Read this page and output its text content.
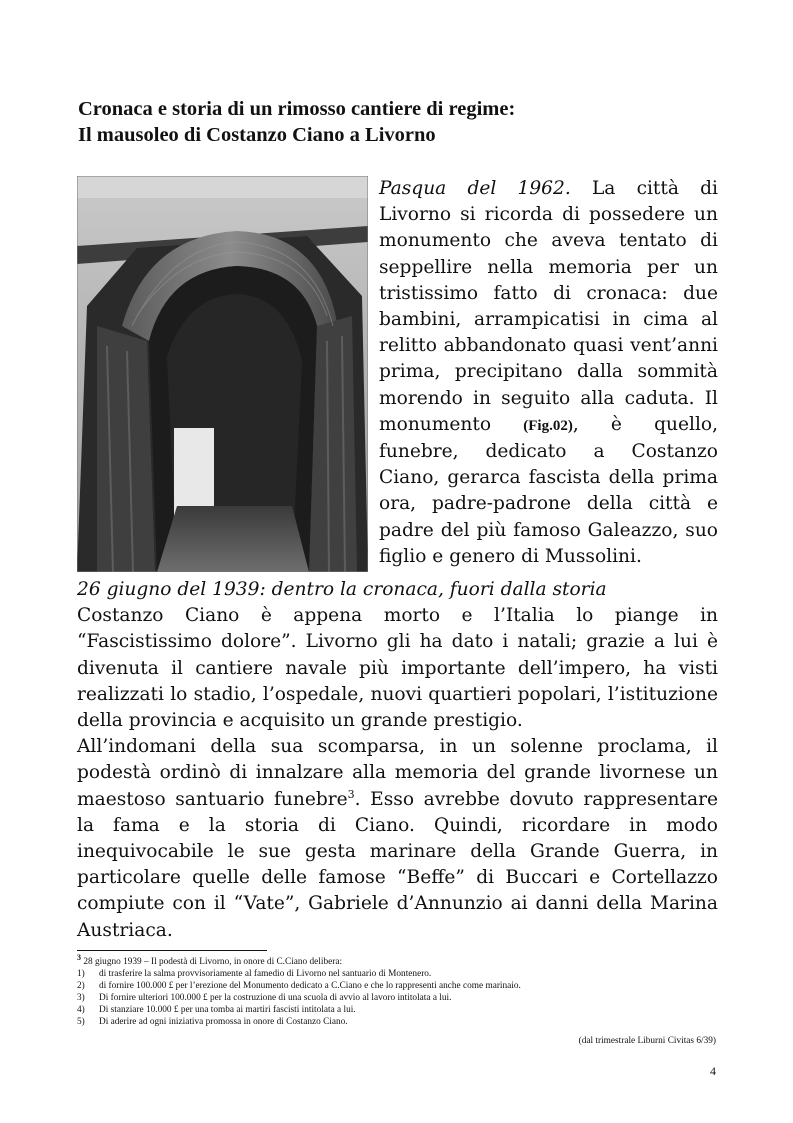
Cronaca e storia di un rimosso cantiere di regime:
Il mausoleo di Costanzo Ciano a Livorno

Pasqua del 1962. La città di Livorno si ricorda di possedere un monumento che aveva tentato di seppellire nella memoria per un tristissimo fatto di cronaca: due bambini, arrampicatisi in cima al relitto abbandonato quasi vent’anni prima, precipitano dalla sommità morendo in seguito alla caduta. Il monumento (Fig.02), è quello, funebre, dedicato a Costanzo Ciano, gerarca fascista della prima ora, padre-padrone della città e padre del più famoso Galeazzo, suo figlio e genero di Mussolini.

26 giugno del 1939: dentro la cronaca, fuori dalla storia

Costanzo Ciano è appena morto e l’Italia lo piange in “Fascistissimo dolore”. Livorno gli ha dato i natali; grazie a lui è divenuta il cantiere navale più importante dell’impero, ha visti realizzati lo stadio, l’ospedale, nuovi quartieri popolari, l’istituzione della provincia e acquisito un grande prestigio.

All’indomani della sua scomparsa, in un solenne proclama, il podestà ordinò di innalzare alla memoria del grande livornese un maestoso santuario funebre$^3$. Esso avrebbe dovuto rappresentare la fama e la storia di Ciano. Quindi, ricordare in modo inequivocabile le sue gesta marinare della Grande Guerra, in particolare quelle delle famose “Beffe” di Buccari e Cortellazzo compiute con il “Vate”, Gabriele d’Annunzio ai danni della Marina Austriaca.

$^3$ 28 giugno 1939 – Il podestà di Livorno, in onore di C.Ciano delibera:
1)	di trasferire la salma provvisoriamente al famedio di Livorno nel santuario di Montenero.
2)	di fornire 100.000 £ per l’erezione del Monumento dedicato a C.Ciano e che lo rappresenti anche come marinaio.
3)	Di fornire ulteriori 100.000 £ per la costruzione di una scuola di avvio al lavoro intitolata a lui.
4)	Di stanziare 10.000 £ per una tomba ai martiri fascisti intitolata a lui.
5)	Di aderire ad ogni iniziativa promossa in onore di Costanzo Ciano.
(dal trimestrale Liburni Civitas 6/39)
4
